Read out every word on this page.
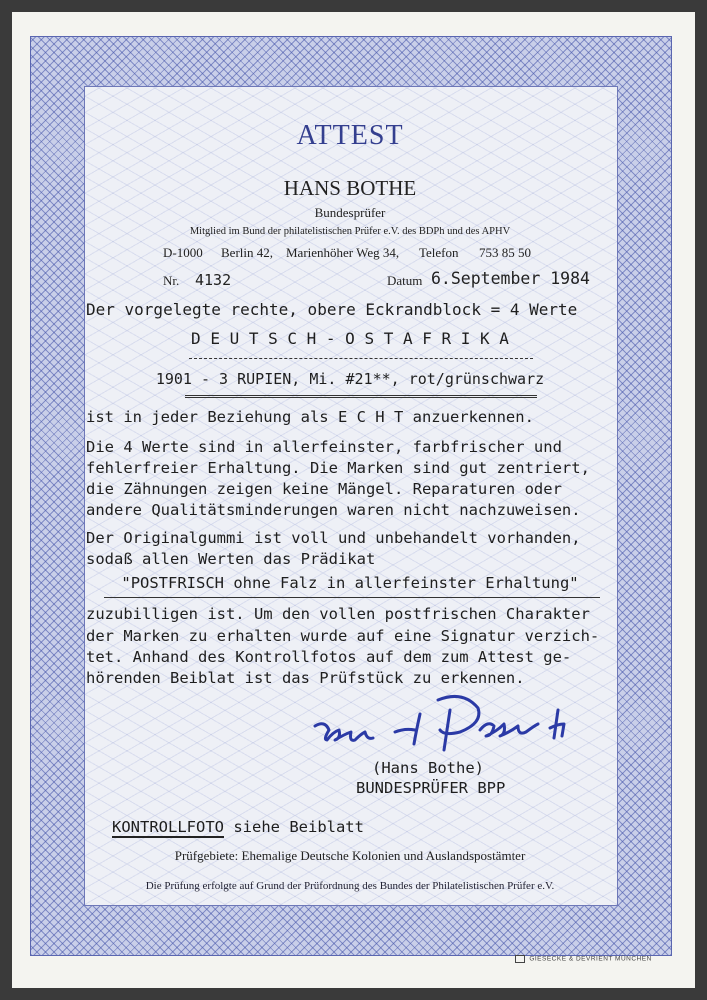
ATTEST
HANS BOTHE
Bundesprüfer
Mitglied im Bund der philatelistischen Prüfer e.V. des BDPh und des APHV
D-1000 Berlin 42, Marienhöher Weg 34, Telefon 753 85 50
Nr. 4132	Datum 6.September 1984
Der vorgelegte rechte, obere Eckrandblock = 4 Werte
D E U T S C H - O S T A F R I K A
1901 - 3 RUPIEN, Mi. #21**, rot/grünschwarz
ist in jeder Beziehung als E C H T anzuerkennen.
Die 4 Werte sind in allerfeinster, farbfrischer und
fehlerfreier Erhaltung. Die Marken sind gut zentriert,
die Zähnungen zeigen keine Mängel. Reparaturen oder
andere Qualitätsminderungen waren nicht nachzuweisen.
Der Originalgummi ist voll und unbehandelt vorhanden,
sodaß allen Werten das Prädikat
"POSTFRISCH ohne Falz in allerfeinster Erhaltung"
zuzubilligen ist. Um den vollen postfrischen Charakter
der Marken zu erhalten wurde auf eine Signatur verzich-
tet. Anhand des Kontrollfotos auf dem zum Attest ge-
hörenden Beiblat ist das Prüfstück zu erkennen.
(Hans Bothe)
BUNDESPRÜFER BPP
KONTROLLFOTO siehe Beiblatt
Prüfgebiete: Ehemalige Deutsche Kolonien und Auslandspostämter
Die Prüfung erfolgte auf Grund der Prüfordnung des Bundes der Philatelistischen Prüfer e.V.
GIESECKE & DEVRIENT MÜNCHEN
